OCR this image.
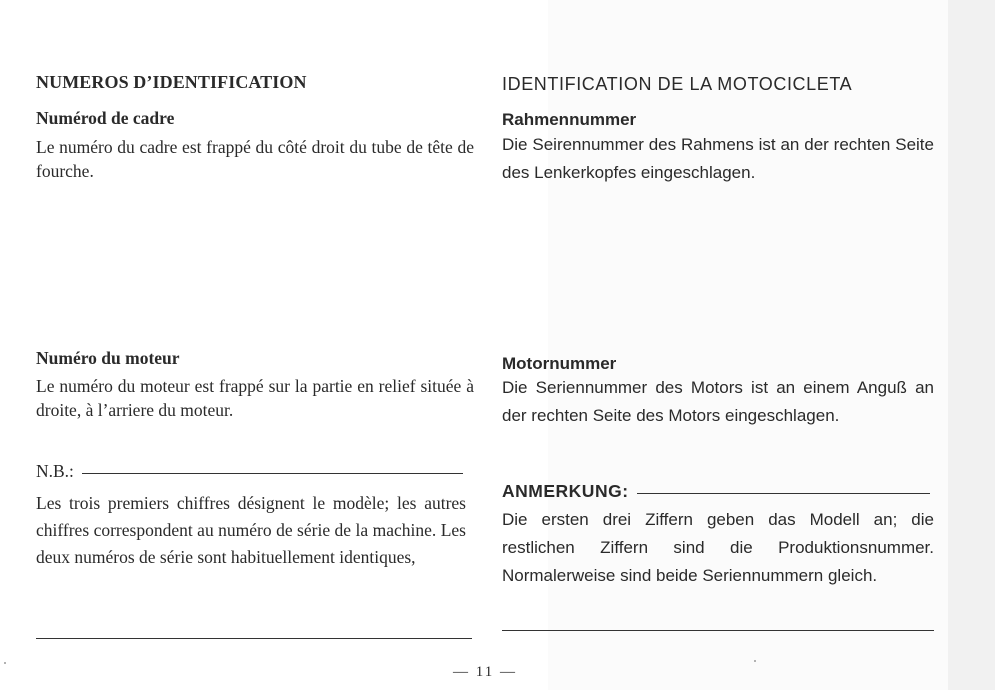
NUMEROS D’IDENTIFICATION
Numérod de cadre
Le numéro du cadre est frappé du côté droit du tube de tête de fourche.
Numéro du moteur
Le numéro du moteur est frappé sur la partie en relief située à droite, à l’arriere du moteur.
N.B.:
Les trois premiers chiffres désignent le modèle; les autres chiffres correspondent au numéro de série de la machine. Les deux numéros de série sont habituellement identiques,
IDENTIFICATION DE LA MOTOCICLETA
Rahmennummer
Die Seirennummer des Rahmens ist an der rechten Seite des Lenkerkopfes eingeschlagen.
Motornummer
Die Seriennummer des Motors ist an einem Anguß an der rechten Seite des Motors eingeschlagen.
ANMERKUNG:
Die ersten drei Ziffern geben das Modell an; die restlichen Ziffern sind die Produktionsnummer. Normalerweise sind beide Seriennummern gleich.
— 11 —
